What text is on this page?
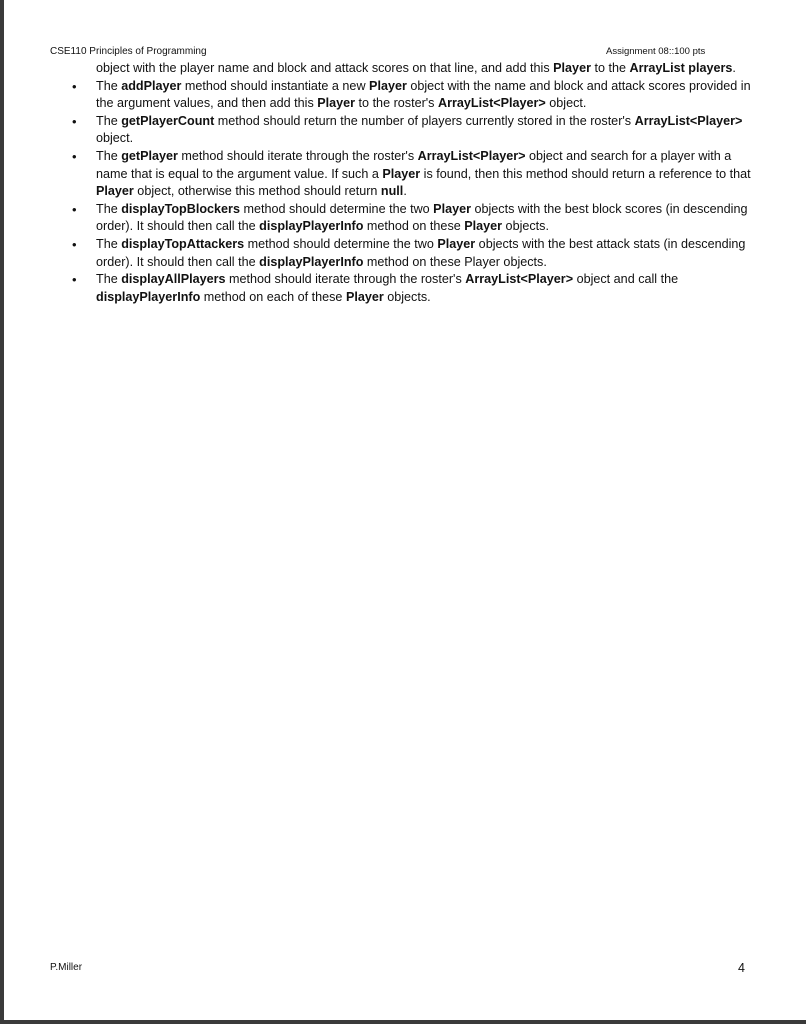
CSE110 Principles of Programming	Assignment 08::100 pts
object with the player name and block and attack scores on that line, and add this Player to the ArrayList players.
• The addPlayer method should instantiate a new Player object with the name and block and attack scores provided in the argument values, and then add this Player to the roster's ArrayList<Player> object.
• The getPlayerCount method should return the number of players currently stored in the roster's ArrayList<Player> object.
• The getPlayer method should iterate through the roster's ArrayList<Player> object and search for a player with a name that is equal to the argument value. If such a Player is found, then this method should return a reference to that Player object, otherwise this method should return null.
• The displayTopBlockers method should determine the two Player objects with the best block scores (in descending order). It should then call the displayPlayerInfo method on these Player objects.
• The displayTopAttackers method should determine the two Player objects with the best attack stats (in descending order). It should then call the displayPlayerInfo method on these Player objects.
• The displayAllPlayers method should iterate through the roster's ArrayList<Player> object and call the displayPlayerInfo method on each of these Player objects.
P.Miller	4
